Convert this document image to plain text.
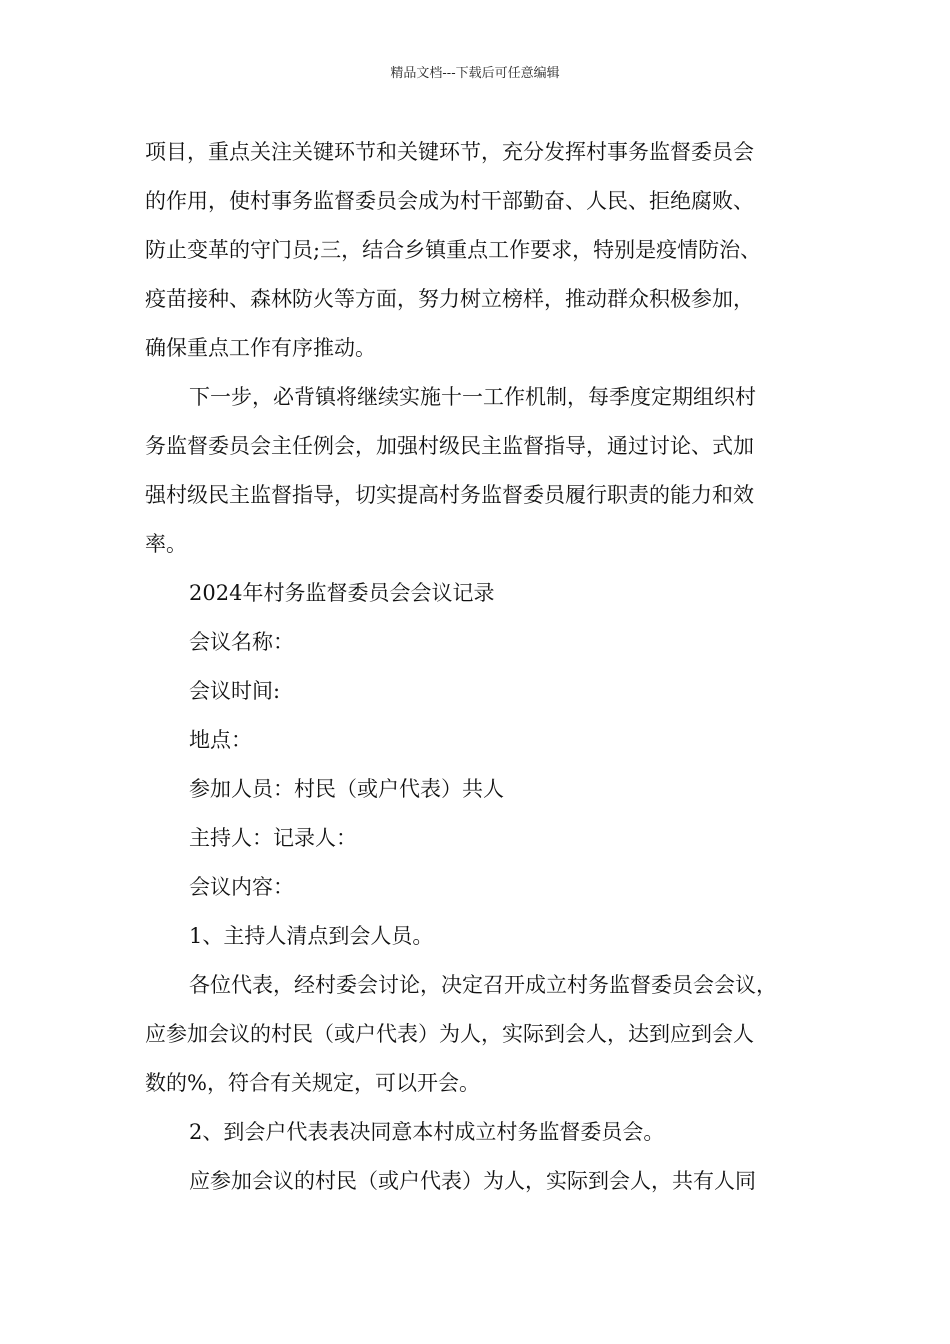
精品文档---下载后可任意编辑
项目，重点关注关键环节和关键环节，充分发挥村事务监督委员会
的作用，使村事务监督委员会成为村干部勤奋、人民、拒绝腐败、
防止变革的守门员;三，结合乡镇重点工作要求，特别是疫情防治、
疫苗接种、森林防火等方面，努力树立榜样，推动群众积极参加，
确保重点工作有序推动。
下一步，必背镇将继续实施十一工作机制，每季度定期组织村
务监督委员会主任例会，加强村级民主监督指导，通过讨论、式加
强村级民主监督指导，切实提高村务监督委员履行职责的能力和效
率。
2024年村务监督委员会会议记录
会议名称：
会议时间:
地点：
参加人员：村民（或户代表）共人
主持人：记录人：
会议内容：
1、主持人清点到会人员。
各位代表，经村委会讨论，决定召开成立村务监督委员会会议，
应参加会议的村民（或户代表）为人，实际到会人，达到应到会人
数的%，符合有关规定，可以开会。
2、到会户代表表决同意本村成立村务监督委员会。
应参加会议的村民（或户代表）为人，实际到会人，共有人同
